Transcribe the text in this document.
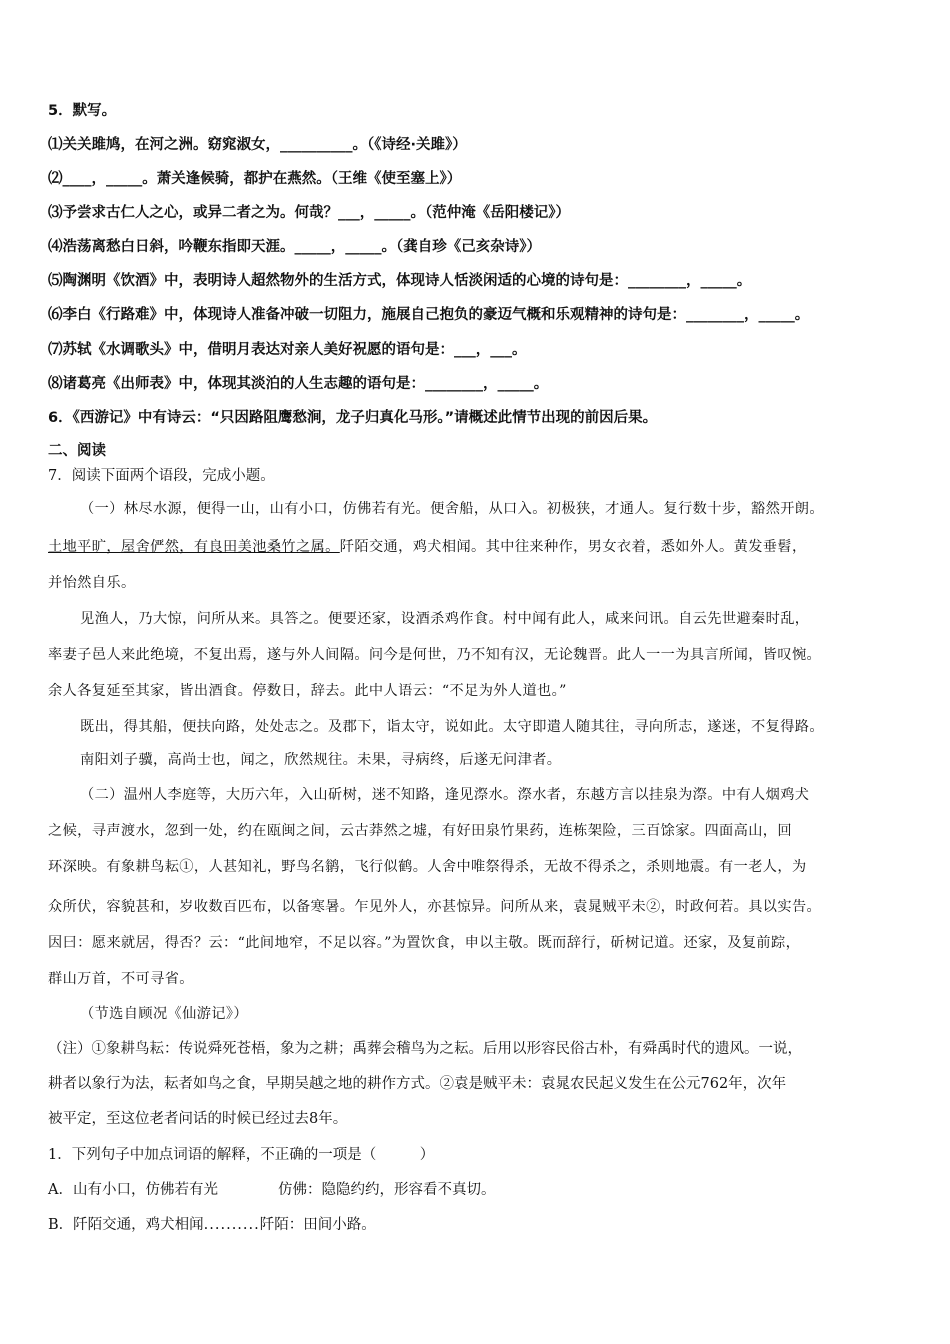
5．默写。
⑴关关雎鸠，在河之洲。窈窕淑女，__________。（《诗经·关雎》）
⑵____，_____。萧关逢候骑，都护在燕然。（王维《使至塞上》）
⑶予尝求古仁人之心，或异二者之为。何哉？___，_____。（范仲淹《岳阳楼记》）
⑷浩荡离愁白日斜，吟鞭东指即天涯。_____，_____。（龚自珍《己亥杂诗》）
⑸陶渊明《饮酒》中，表明诗人超然物外的生活方式，体现诗人恬淡闲适的心境的诗句是：________，_____。
⑹李白《行路难》中，体现诗人准备冲破一切阻力，施展自己抱负的豪迈气概和乐观精神的诗句是：________，_____。
⑺苏轼《水调歌头》中，借明月表达对亲人美好祝愿的语句是：___，___。
⑻诸葛亮《出师表》中，体现其淡泊的人生志趣的语句是：________，_____。
6．《西游记》中有诗云：“只因路阻鹰愁涧，龙子归真化马形。”请概述此情节出现的前因后果。
二、阅读
7．阅读下面两个语段，完成小题。
（一）林尽水源，便得一山，山有小口，仿佛若有光。便舍船，从口入。初极狭，才通人。复行数十步，豁然开朗。
土地平旷，屋舍俨然，有良田美池桑竹之属。阡陌交通，鸡犬相闻。其中往来种作，男女衣着，悉如外人。黄发垂髫，
并怡然自乐。
见渔人，乃大惊，问所从来。具答之。便要还家，设酒杀鸡作食。村中闻有此人，咸来问讯。自云先世避秦时乱，
率妻子邑人来此绝境，不复出焉，遂与外人间隔。问今是何世，乃不知有汉，无论魏晋。此人一一为具言所闻，皆叹惋。
余人各复延至其家，皆出酒食。停数日，辞去。此中人语云：“不足为外人道也。”
既出，得其船，便扶向路，处处志之。及郡下，诣太守，说如此。太守即遣人随其往，寻向所志，遂迷，不复得路。
南阳刘子骥，高尚士也，闻之，欣然规往。未果，寻病终，后遂无问津者。
（二）温州人李庭等，大历六年，入山斫树，迷不知路，逢见漈水。漈水者，东越方言以挂泉为漈。中有人烟鸡犬
之候，寻声渡水，忽到一处，约在瓯闽之间，云古莽然之墟，有好田泉竹果药，连栋架险，三百馀家。四面高山，回
环深映。有象耕鸟耘①，人甚知礼，野鸟名鹟，飞行似鹤。人舍中唯祭得杀，无故不得杀之，杀则地震。有一老人，为
众所伏，容貌甚和，岁收数百匹布，以备寒暑。乍见外人，亦甚惊异。问所从来，袁晁贼平未②，时政何若。具以实告。
因曰：愿来就居，得否？云：“此间地窄，不足以容。”为置饮食，申以主敬。既而辞行，斫树记道。还家，及复前踪，
群山万首，不可寻省。
（节选自顾况《仙游记》）
（注）①象耕鸟耘：传说舜死苍梧，象为之耕；禹葬会稽鸟为之耘。后用以形容民俗古朴，有舜禹时代的遗风。一说，
耕者以象行为法，耘者如鸟之食，早期吴越之地的耕作方式。②袁是贼平未：袁晁农民起义发生在公元762年，次年
被平定，至这位老者问话的时候已经过去8年。
1．下列句子中加点词语的解释，不正确的一项是（　　　）
A．山有小口，仿佛若有光	仿佛：隐隐约约，形容看不真切。
B．阡陌交通，鸡犬相闻..........阡陌：田间小路。
